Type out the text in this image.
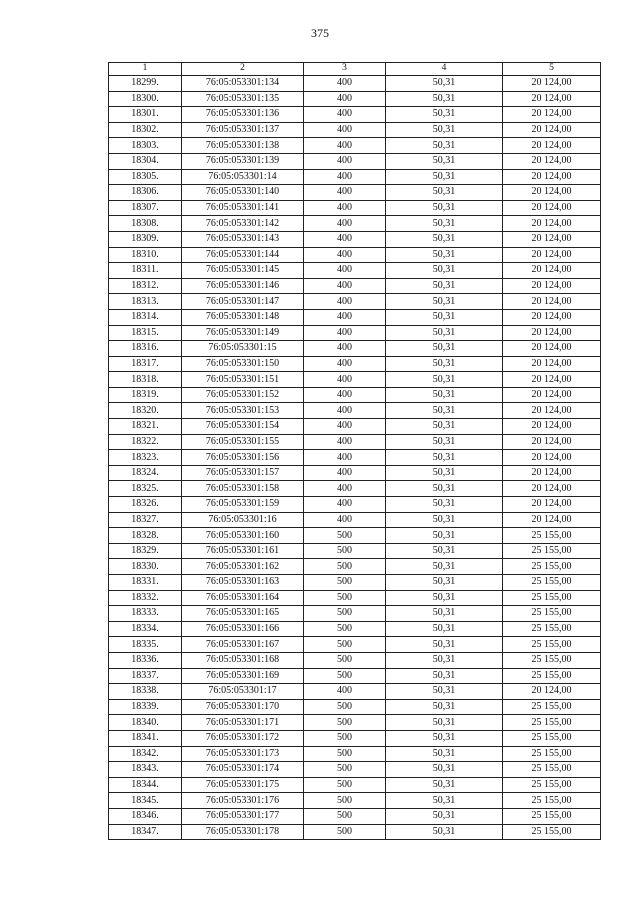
375
1	2	3	4	5
18299.	76:05:053301:134	400	50,31	20 124,00
18300.	76:05:053301:135	400	50,31	20 124,00
18301.	76:05:053301:136	400	50,31	20 124,00
18302.	76:05:053301:137	400	50,31	20 124,00
18303.	76:05:053301:138	400	50,31	20 124,00
18304.	76:05:053301:139	400	50,31	20 124,00
18305.	76:05:053301:14	400	50,31	20 124,00
18306.	76:05:053301:140	400	50,31	20 124,00
18307.	76:05:053301:141	400	50,31	20 124,00
18308.	76:05:053301:142	400	50,31	20 124,00
18309.	76:05:053301:143	400	50,31	20 124,00
18310.	76:05:053301:144	400	50,31	20 124,00
18311.	76:05:053301:145	400	50,31	20 124,00
18312.	76:05:053301:146	400	50,31	20 124,00
18313.	76:05:053301:147	400	50,31	20 124,00
18314.	76:05:053301:148	400	50,31	20 124,00
18315.	76:05:053301:149	400	50,31	20 124,00
18316.	76:05:053301:15	400	50,31	20 124,00
18317.	76:05:053301:150	400	50,31	20 124,00
18318.	76:05:053301:151	400	50,31	20 124,00
18319.	76:05:053301:152	400	50,31	20 124,00
18320.	76:05:053301:153	400	50,31	20 124,00
18321.	76:05:053301:154	400	50,31	20 124,00
18322.	76:05:053301:155	400	50,31	20 124,00
18323.	76:05:053301:156	400	50,31	20 124,00
18324.	76:05:053301:157	400	50,31	20 124,00
18325.	76:05:053301:158	400	50,31	20 124,00
18326.	76:05:053301:159	400	50,31	20 124,00
18327.	76:05:053301:16	400	50,31	20 124,00
18328.	76:05:053301:160	500	50,31	25 155,00
18329.	76:05:053301:161	500	50,31	25 155,00
18330.	76:05:053301:162	500	50,31	25 155,00
18331.	76:05:053301:163	500	50,31	25 155,00
18332.	76:05:053301:164	500	50,31	25 155,00
18333.	76:05:053301:165	500	50,31	25 155,00
18334.	76:05:053301:166	500	50,31	25 155,00
18335.	76:05:053301:167	500	50,31	25 155,00
18336.	76:05:053301:168	500	50,31	25 155,00
18337.	76:05:053301:169	500	50,31	25 155,00
18338.	76:05:053301:17	400	50,31	20 124,00
18339.	76:05:053301:170	500	50,31	25 155,00
18340.	76:05:053301:171	500	50,31	25 155,00
18341.	76:05:053301:172	500	50,31	25 155,00
18342.	76:05:053301:173	500	50,31	25 155,00
18343.	76:05:053301:174	500	50,31	25 155,00
18344.	76:05:053301:175	500	50,31	25 155,00
18345.	76:05:053301:176	500	50,31	25 155,00
18346.	76:05:053301:177	500	50,31	25 155,00
18347.	76:05:053301:178	500	50,31	25 155,00
